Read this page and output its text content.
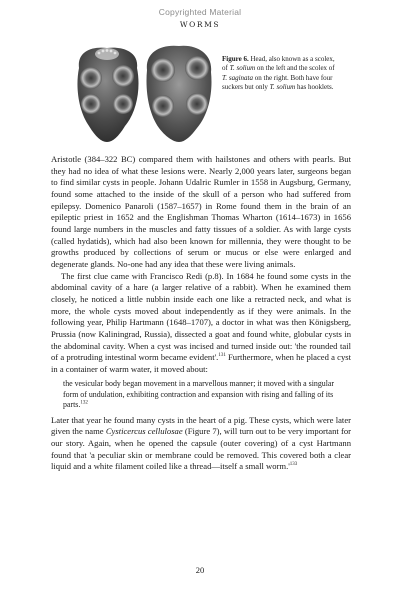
Copyrighted Material
WORMS
Figure 6. Head, also known as a scolex, of T. solium on the left and the scolex of T. saginata on the right. Both have four suckers but only T. solium has hooklets.

Aristotle (384–322 BC) compared them with hailstones and others with pearls. But they had no idea of what these lesions were. Nearly 2,000 years later, surgeons began to find similar cysts in people. Johann Udalric Rumler in 1558 in Augsburg, Germany, found some attached to the inside of the skull of a person who had suffered from epilepsy. Domenico Panaroli (1587–1657) in Rome found them in the brain of an epileptic priest in 1652 and the Englishman Thomas Wharton (1614–1673) in 1656 found large numbers in the muscles and fatty tissues of a soldier. As with large cysts (called hydatids), which had also been known for millennia, they were thought to be growths produced by collections of serum or mucus or else were enlarged and degenerate glands. No-one had any idea that these were living animals.

The first clue came with Francisco Redi (p.8). In 1684 he found some cysts in the abdominal cavity of a hare (a larger relative of a rabbit). When he examined them closely, he noticed a little nubbin inside each one like a retracted neck, and what is more, the whole cysts moved about independently as if they were animals. In the following year, Philip Hartmann (1648–1707), a doctor in what was then Königsberg, Prussia (now Kaliningrad, Russia), dissected a goat and found white, globular cysts in the abdominal cavity. When a cyst was incised and turned inside out: 'the rounded tail of a protruding intestinal worm became evident'.$^{131}$ Furthermore, when he placed a cyst in a container of warm water, it moved about:

the vesicular body began movement in a marvellous manner; it moved with a singular form of undulation, exhibiting contraction and expansion with rising and falling of its parts.$^{132}$

Later that year he found many cysts in the heart of a pig. These cysts, which were later given the name Cysticercus cellulosae (Figure 7), will turn out to be very important for our story. Again, when he opened the capsule (outer covering) of a cyst Hartmann found that 'a peculiar skin or membrane could be removed. This covered both a clear liquid and a white filament coiled like a thread—itself a small $worm.'^{133}$

20
